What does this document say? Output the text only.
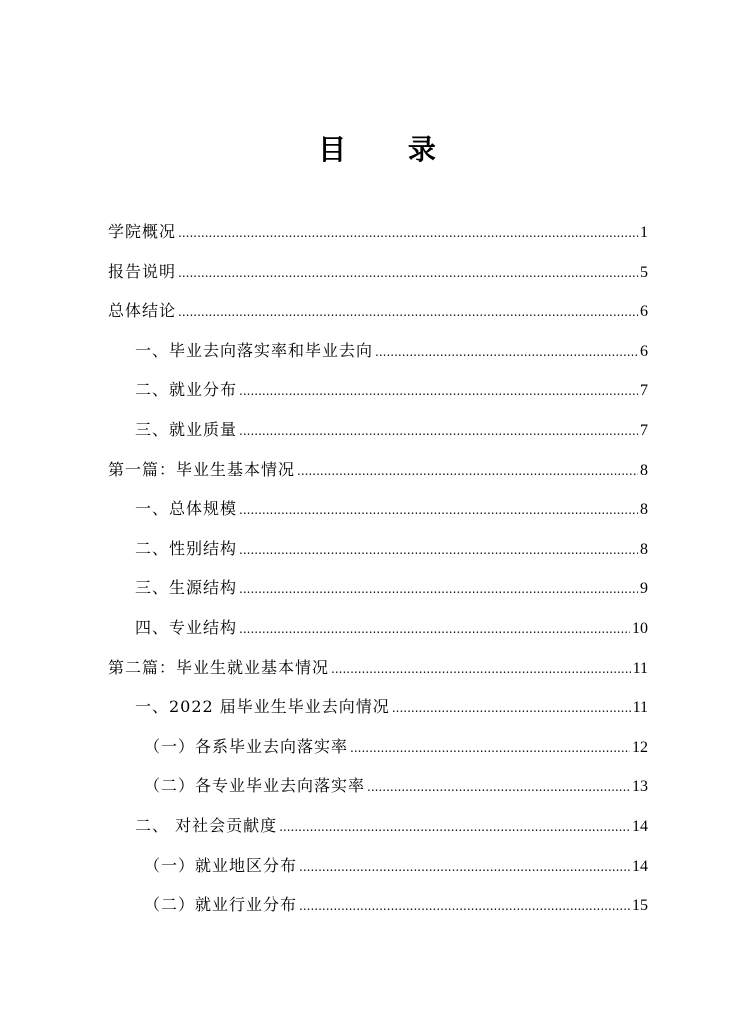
目 录
学院概况 .....	1
报告说明 .....	5
总体结论 .....	6
一、毕业去向落实率和毕业去向 .....	6
二、就业分布 .....	7
三、就业质量 .....	7
第一篇：毕业生基本情况 .....	8
一、总体规模 .....	8
二、性别结构 .....	8
三、生源结构 .....	9
四、专业结构 .....	10
第二篇：毕业生就业基本情况 .....	11
一、2022 届毕业生毕业去向情况 .....	11
（一）各系毕业去向落实率 .....	12
（二）各专业毕业去向落实率 .....	13
二、 对社会贡献度 .....	14
（一）就业地区分布 .....	14
（二）就业行业分布 .....	15
